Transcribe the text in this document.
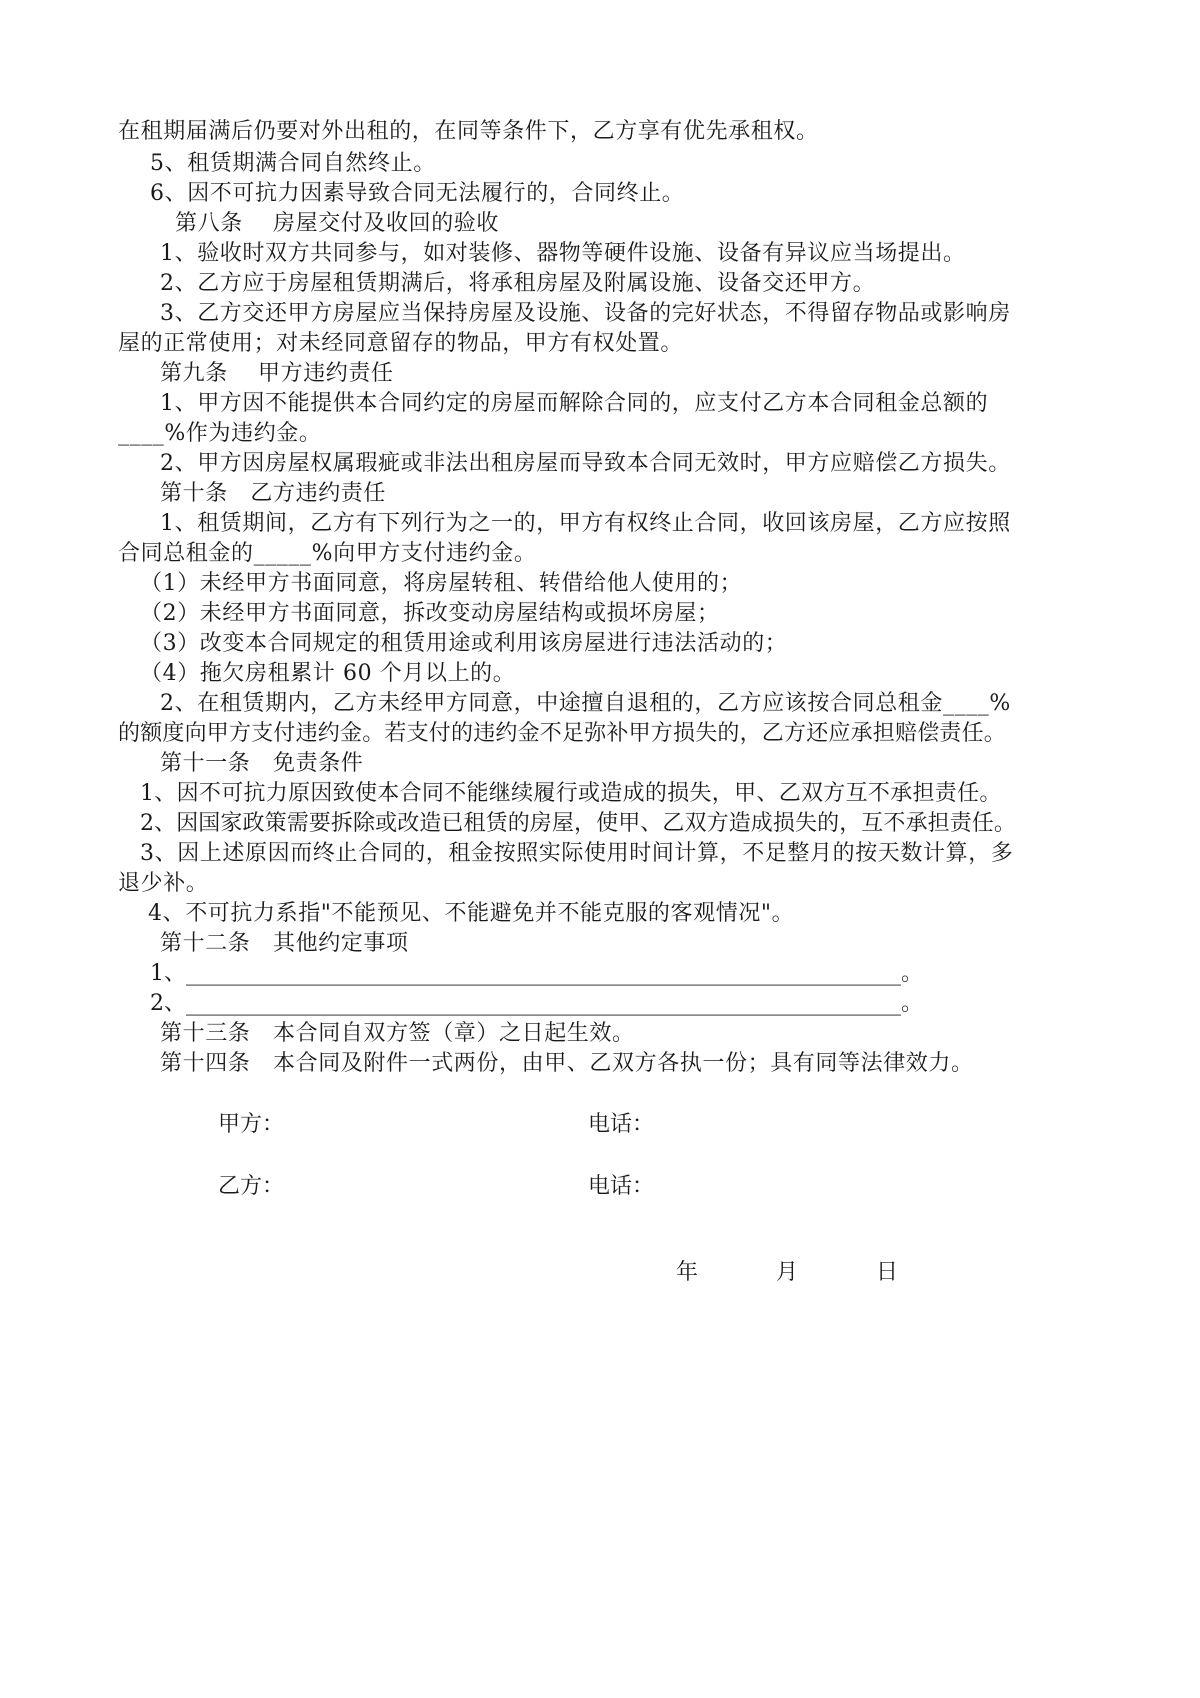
在租期届满后仍要对外出租的，在同等条件下，乙方享有优先承租权。
5、租赁期满合同自然终止。
6、因不可抗力因素导致合同无法履行的，合同终止。
第八条　 房屋交付及收回的验收
1、验收时双方共同参与，如对装修、器物等硬件设施、设备有异议应当场提出。
2、乙方应于房屋租赁期满后，将承租房屋及附属设施、设备交还甲方。
3、乙方交还甲方房屋应当保持房屋及设施、设备的完好状态，不得留存物品或影响房
屋的正常使用；对未经同意留存的物品，甲方有权处置。
第九条　 甲方违约责任
1、甲方因不能提供本合同约定的房屋而解除合同的，应支付乙方本合同租金总额的
____%作为违约金。
2、甲方因房屋权属瑕疵或非法出租房屋而导致本合同无效时，甲方应赔偿乙方损失。
第十条　乙方违约责任
1、租赁期间，乙方有下列行为之一的，甲方有权终止合同，收回该房屋，乙方应按照
合同总租金的_____%向甲方支付违约金。
（1）未经甲方书面同意，将房屋转租、转借给他人使用的；
（2）未经甲方书面同意，拆改变动房屋结构或损坏房屋；
（3）改变本合同规定的租赁用途或利用该房屋进行违法活动的；
（4）拖欠房租累计 60 个月以上的。
2、在租赁期内，乙方未经甲方同意，中途擅自退租的，乙方应该按合同总租金____%
的额度向甲方支付违约金。若支付的违约金不足弥补甲方损失的，乙方还应承担赔偿责任。
第十一条　免责条件
1、因不可抗力原因致使本合同不能继续履行或造成的损失，甲、乙双方互不承担责任。
2、因国家政策需要拆除或改造已租赁的房屋，使甲、乙双方造成损失的，互不承担责任。
3、因上述原因而终止合同的，租金按照实际使用时间计算，不足整月的按天数计算，多
退少补。
4、不可抗力系指"不能预见、不能避免并不能克服的客观情况"。
第十二条　其他约定事项
1、_________________________________________________________________。
2、_________________________________________________________________。
第十三条　本合同自双方签（章）之日起生效。
第十四条　本合同及附件一式两份，由甲、乙双方各执一份；具有同等法律效力。
甲方：	电话：
乙方：	电话：
年	月	日
